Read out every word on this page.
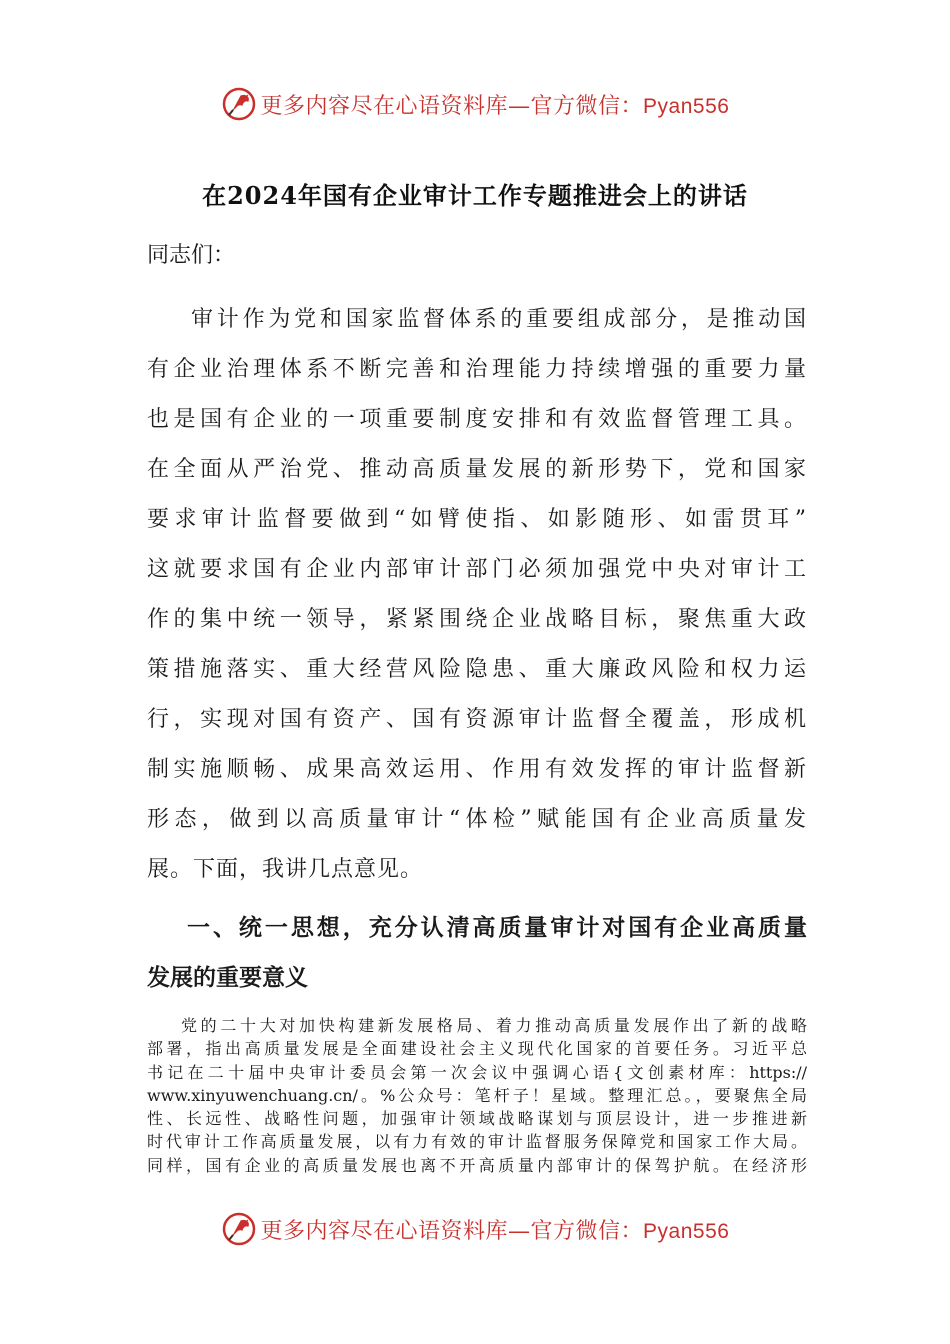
更多内容尽在心语资料库—官方微信：Pyan556
在2024年国有企业审计工作专题推进会上的讲话
同志们：
审计作为党和国家监督体系的重要组成部分，是推动国
有企业治理体系不断完善和治理能力持续增强的重要力量
也是国有企业的一项重要制度安排和有效监督管理工具。
在全面从严治党、推动高质量发展的新形势下，党和国家
要求审计监督要做到“如臂使指、如影随形、如雷贯耳”
这就要求国有企业内部审计部门必须加强党中央对审计工
作的集中统一领导，紧紧围绕企业战略目标，聚焦重大政
策措施落实、重大经营风险隐患、重大廉政风险和权力运
行，实现对国有资产、国有资源审计监督全覆盖，形成机
制实施顺畅、成果高效运用、作用有效发挥的审计监督新
形态，做到以高质量审计“体检”赋能国有企业高质量发
展。下面，我讲几点意见。
一、统一思想，充分认清高质量审计对国有企业高质量
发展的重要意义
党的二十大对加快构建新发展格局、着力推动高质量发展作出了新的战略
部署，指出高质量发展是全面建设社会主义现代化国家的首要任务。习近平总
书记在二十届中央审计委员会第一次会议中强调心语{文创素材库：https://
www.xinyuwenchuang.cn/。%公众号：笔杆子！星域。整理汇总。，要聚焦全局
性、长远性、战略性问题，加强审计领域战略谋划与顶层设计，进一步推进新
时代审计工作高质量发展，以有力有效的审计监督服务保障党和国家工作大局。
同样，国有企业的高质量发展也离不开高质量内部审计的保驾护航。在经济形
更多内容尽在心语资料库—官方微信：Pyan556
